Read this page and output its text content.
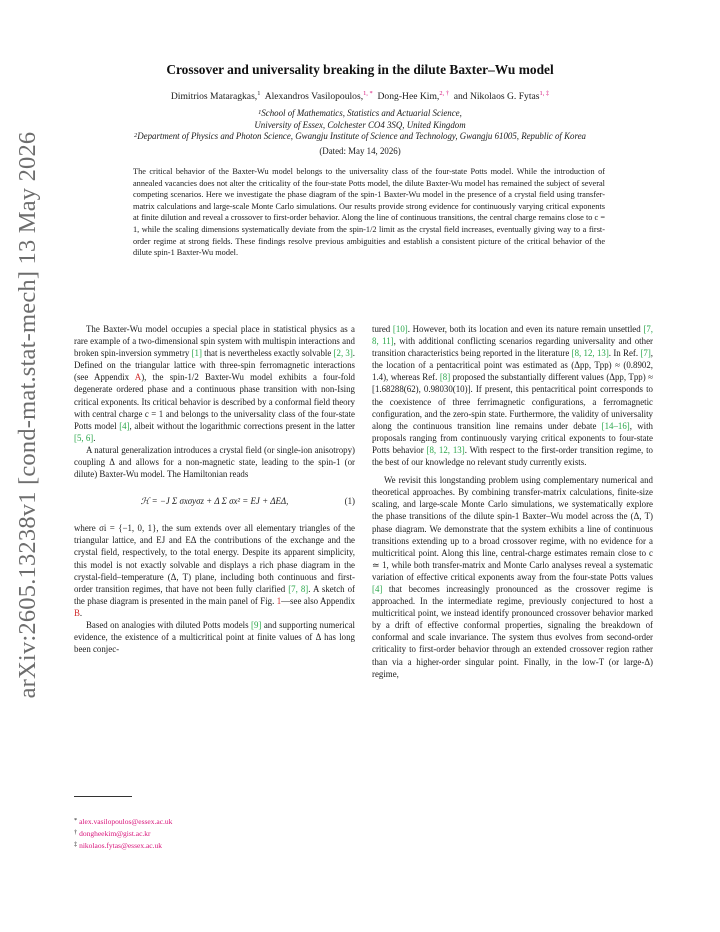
arXiv:2605.13238v1 [cond-mat.stat-mech] 13 May 2026
Crossover and universality breaking in the dilute Baxter–Wu model
Dimitrios Mataragkas,$^1$ Alexandros Vasilopoulos,$^{1, *}$ Dong-Hee Kim,$^{2, \dagger}$ and Nikolaos G. Fytas$^{1, \ddagger}$
$^1$School of Mathematics, Statistics and Actuarial Science,
University of Essex, Colchester CO4 3SQ, United Kingdom
$^2$Department of Physics and Photon Science, Gwangju Institute of Science and Technology, Gwangju 61005, Republic of Korea
(Dated: May 14, 2026)
The critical behavior of the Baxter-Wu model belongs to the universality class of the four-state Potts model. While the introduction of annealed vacancies does not alter the criticality of the four-state Potts model, the dilute Baxter-Wu model has remained the subject of several competing scenarios. Here we investigate the phase diagram of the spin-1 Baxter-Wu model in the presence of a crystal field using transfer-matrix calculations and large-scale Monte Carlo simulations. Our results provide strong evidence for continuously varying critical exponents at finite dilution and reveal a crossover to first-order behavior. Along the line of continuous transitions, the central charge remains close to c = 1, while the scaling dimensions systematically deviate from the spin-1/2 limit as the crystal field increases, eventually giving way to a first-order regime at strong fields. These findings resolve previous ambiguities and establish a consistent picture of the critical behavior of the dilute spin-1 Baxter-Wu model.

The Baxter-Wu model occupies a special place in statistical physics as a rare example of a two-dimensional spin system with multispin interactions and broken spin-inversion symmetry [1] that is nevertheless exactly solvable [2, 3]. Defined on the triangular lattice with three-spin ferromagnetic interactions (see Appendix A), the spin-1/2 Baxter-Wu model exhibits a four-fold degenerate ordered phase and a continuous phase transition with non-Ising critical exponents. Its critical behavior is described by a conformal field theory with central charge c = 1 and belongs to the universality class of the four-state Potts model [4], albeit without the logarithmic corrections present in the latter [5, 6].

A natural generalization introduces a crystal field (or single-ion anisotropy) coupling Δ and allows for a non-magnetic state, leading to the spin-1 (or dilute) Baxter-Wu model. The Hamiltonian reads

ℋ = −J Σ σxσyσz + Δ Σ σx² = EJ + ΔEΔ,	(1)

where σi = {−1, 0, 1}, the sum extends over all elementary triangles of the triangular lattice, and EJ and EΔ the contributions of the exchange and the crystal field, respectively, to the total energy. Despite its apparent simplicity, this model is not exactly solvable and displays a rich phase diagram in the crystal-field–temperature (Δ, T) plane, including both continuous and first-order transition regimes, that have not been fully clarified [7, 8]. A sketch of the phase diagram is presented in the main panel of Fig. 1—see also Appendix B.

Based on analogies with diluted Potts models [9] and supporting numerical evidence, the existence of a multicritical point at finite values of Δ has long been conjec-

tured [10]. However, both its location and even its nature remain unsettled [7, 8, 11], with additional conflicting scenarios regarding universality and other transition characteristics being reported in the literature [8, 12, 13]. In Ref. [7], the location of a pentacritical point was estimated as (Δpp, Tpp) ≈ (0.8902, 1.4), whereas Ref. [8] proposed the substantially different values (Δpp, Tpp) ≈ [1.68288(62), 0.98030(10)]. If present, this pentacritical point corresponds to the coexistence of three ferrimagnetic configurations, a ferromagnetic configuration, and the zero-spin state. Furthermore, the validity of universality along the continuous transition line remains under debate [14–16], with proposals ranging from continuously varying critical exponents to four-state Potts behavior [8, 12, 13]. With respect to the first-order transition regime, to the best of our knowledge no relevant study currently exists.

We revisit this longstanding problem using complementary numerical and theoretical approaches. By combining transfer-matrix calculations, finite-size scaling, and large-scale Monte Carlo simulations, we systematically explore the phase transitions of the dilute spin-1 Baxter–Wu model across the (Δ, T) phase diagram. We demonstrate that the system exhibits a line of continuous transitions extending up to a broad crossover regime, with no evidence for a multicritical point. Along this line, central-charge estimates remain close to c ≃ 1, while both transfer-matrix and Monte Carlo analyses reveal a systematic variation of effective critical exponents away from the four-state Potts values [4] that becomes increasingly pronounced as the crossover regime is approached. In the intermediate regime, previously conjectured to host a multicritical point, we instead identify pronounced crossover behavior marked by a drift of effective conformal properties, signaling the breakdown of conformal and scale invariance. The system thus evolves from second-order criticality to first-order behavior through an extended crossover region rather than via a higher-order singular point. Finally, in the low-T (or large-Δ) regime,

* alex.vasilopoulos@essex.ac.uk
† dongheekim@gist.ac.kr
‡ nikolaos.fytas@essex.ac.uk
